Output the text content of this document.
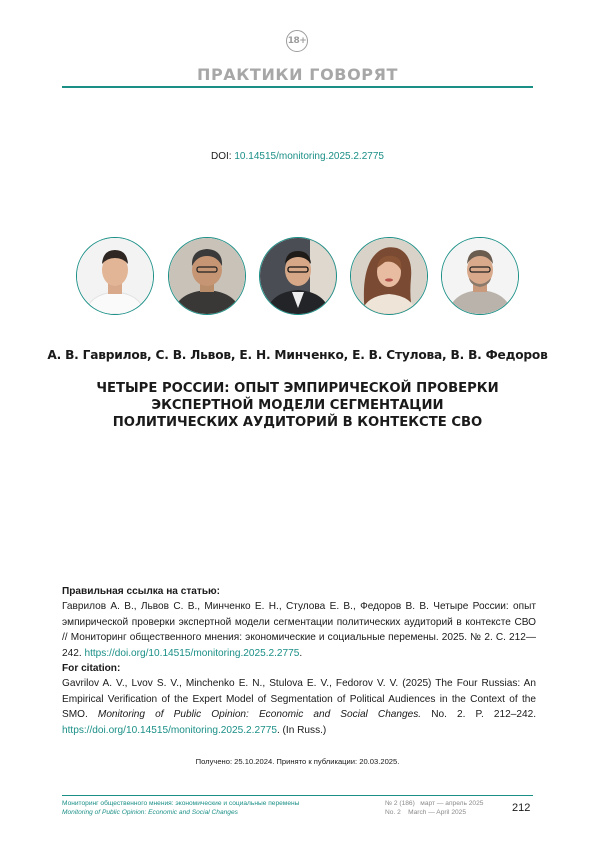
18+
ПРАКТИКИ ГОВОРЯТ
DOI: 10.14515/monitoring.2025.2.2775
А. В. Гаврилов, С. В. Львов, Е. Н. Минченко, Е. В. Стулова, В. В. Федоров
ЧЕТЫРЕ РОССИИ: ОПЫТ ЭМПИРИЧЕСКОЙ ПРОВЕРКИ
ЭКСПЕРТНОЙ МОДЕЛИ СЕГМЕНТАЦИИ
ПОЛИТИЧЕСКИХ АУДИТОРИЙ В КОНТЕКСТЕ СВО
Правильная ссылка на статью:
Гаврилов А. В., Львов С. В., Минченко Е. Н., Стулова Е. В., Федоров В. В. Четыре России: опыт эмпирической проверки экспертной модели сегментации политических аудиторий в контексте СВО // Мониторинг общественного мнения: экономические и социальные перемены. 2025. № 2. С. 212—242. https://doi.org/10.14515/monitoring.2025.2.2775.
For citation:
Gavrilov A. V., Lvov S. V., Minchenko E. N., Stulova E. V., Fedorov V. V. (2025) The Four Russias: An Empirical Verification of the Expert Model of Segmentation of Political Audiences in the Context of the SMO. Monitoring of Public Opinion: Economic and Social Changes. No. 2. P. 212–242. https://doi.org/10.14515/monitoring.2025.2.2775. (In Russ.)
Получено: 25.10.2024. Принято к публикации: 20.03.2025.
Мониторинг общественного мнения: экономические и социальные перемены
Monitoring of Public Opinion: Economic and Social Changes
№ 2 (186)   март — апрель 2025
No. 2    March — April 2025	212
